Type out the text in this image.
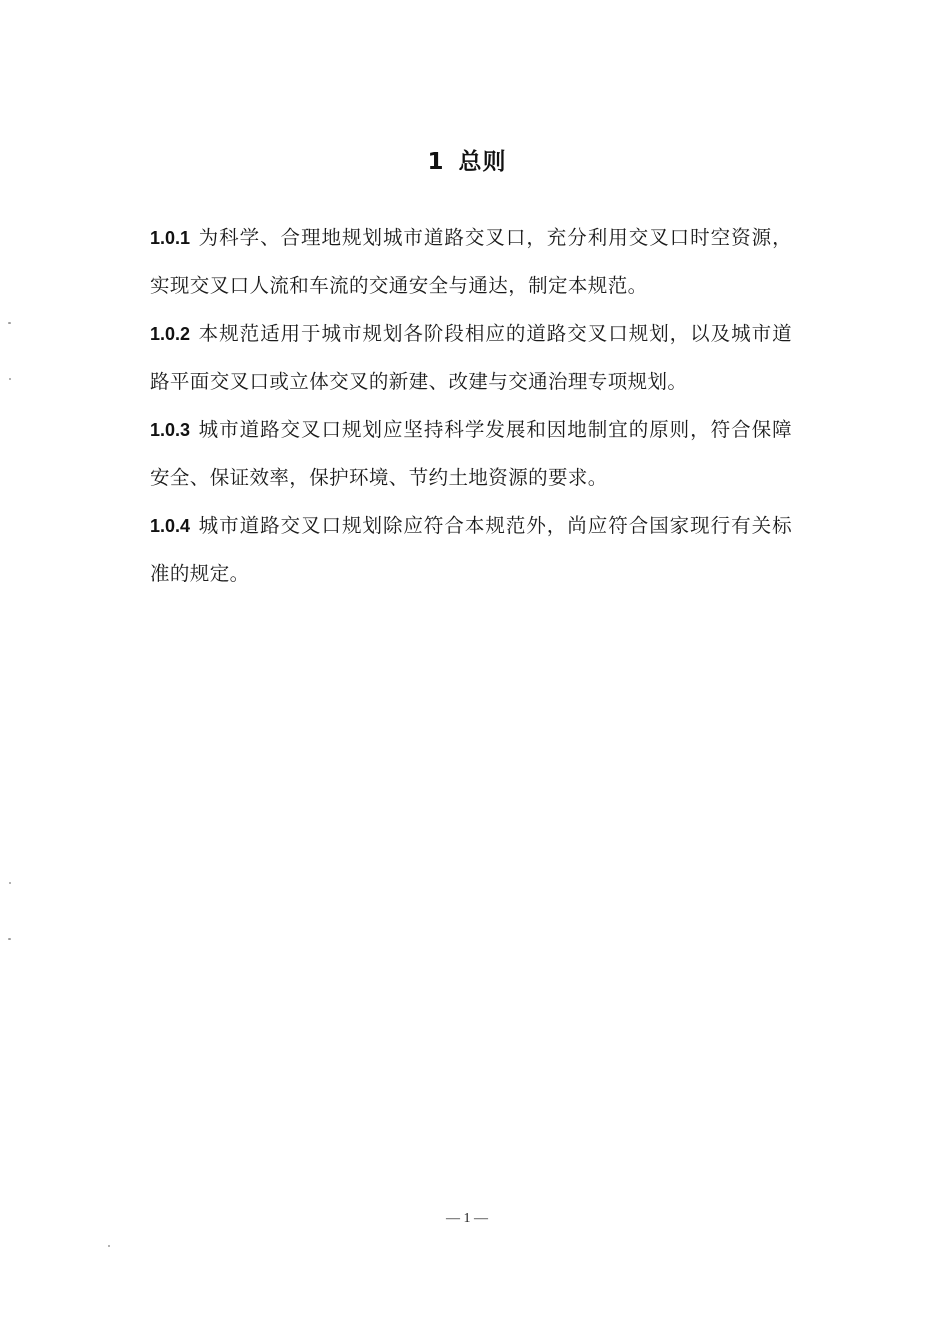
1 总则
1.0.1 为科学、合理地规划城市道路交叉口，充分利用交叉口时空资源，实现交叉口人流和车流的交通安全与通达，制定本规范。
1.0.2 本规范适用于城市规划各阶段相应的道路交叉口规划，以及城市道路平面交叉口或立体交叉的新建、改建与交通治理专项规划。
1.0.3 城市道路交叉口规划应坚持科学发展和因地制宜的原则，符合保障安全、保证效率，保护环境、节约土地资源的要求。
1.0.4 城市道路交叉口规划除应符合本规范外，尚应符合国家现行有关标准的规定。
— 1 —
